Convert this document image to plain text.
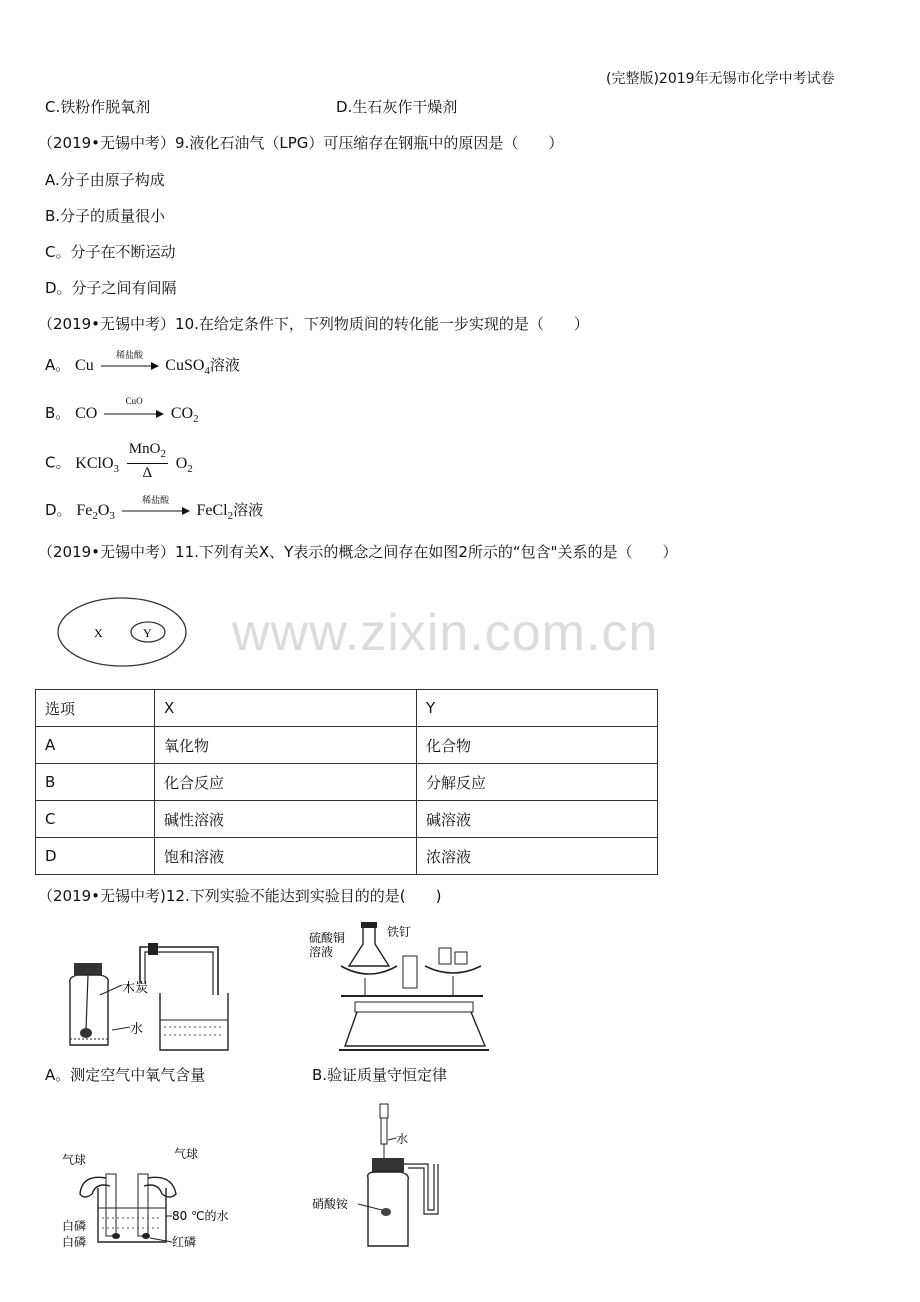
(完整版)2019年无锡市化学中考试卷
C.铁粉作脱氧剂	D.生石灰作干燥剂
（2019•无锡中考）9.液化石油气（LPG）可压缩存在钢瓶中的原因是（　　）
A.分子由原子构成
B.分子的质量很小
C。分子在不断运动
D。分子之间有间隔
（2019•无锡中考）10.在给定条件下，下列物质间的转化能一步实现的是（　　）
A。 Cu
稀盐酸
CuSO$_4$溶液
B。 CO
CuO
$CO_2$
C。 KClO$_3$ $\frac{MnO_2}{\Delta} O_2$
D。 $Fe_2O_3$
稀盐酸
FeCl$_2$溶液
（2019•无锡中考）11.下列有关X、Y表示的概念之间存在如图2所示的“包含"关系的是（　　）
X	Y www.zixin.com.cn
选项	X	Y
A	氧化物	化合物
B	化合反应	分解反应
C	碱性溶液	碱溶液
D	饱和溶液	浓溶液
（2019•无锡中考)12.下列实验不能达到实验目的的是(　　)
木炭
水
A。测定空气中氧气含量
硫酸铜
溶液
铁钉
B.验证质量守恒定律
气球	气球
80 ℃的水
白磷
白磷	红磷
水
硝酸铵
